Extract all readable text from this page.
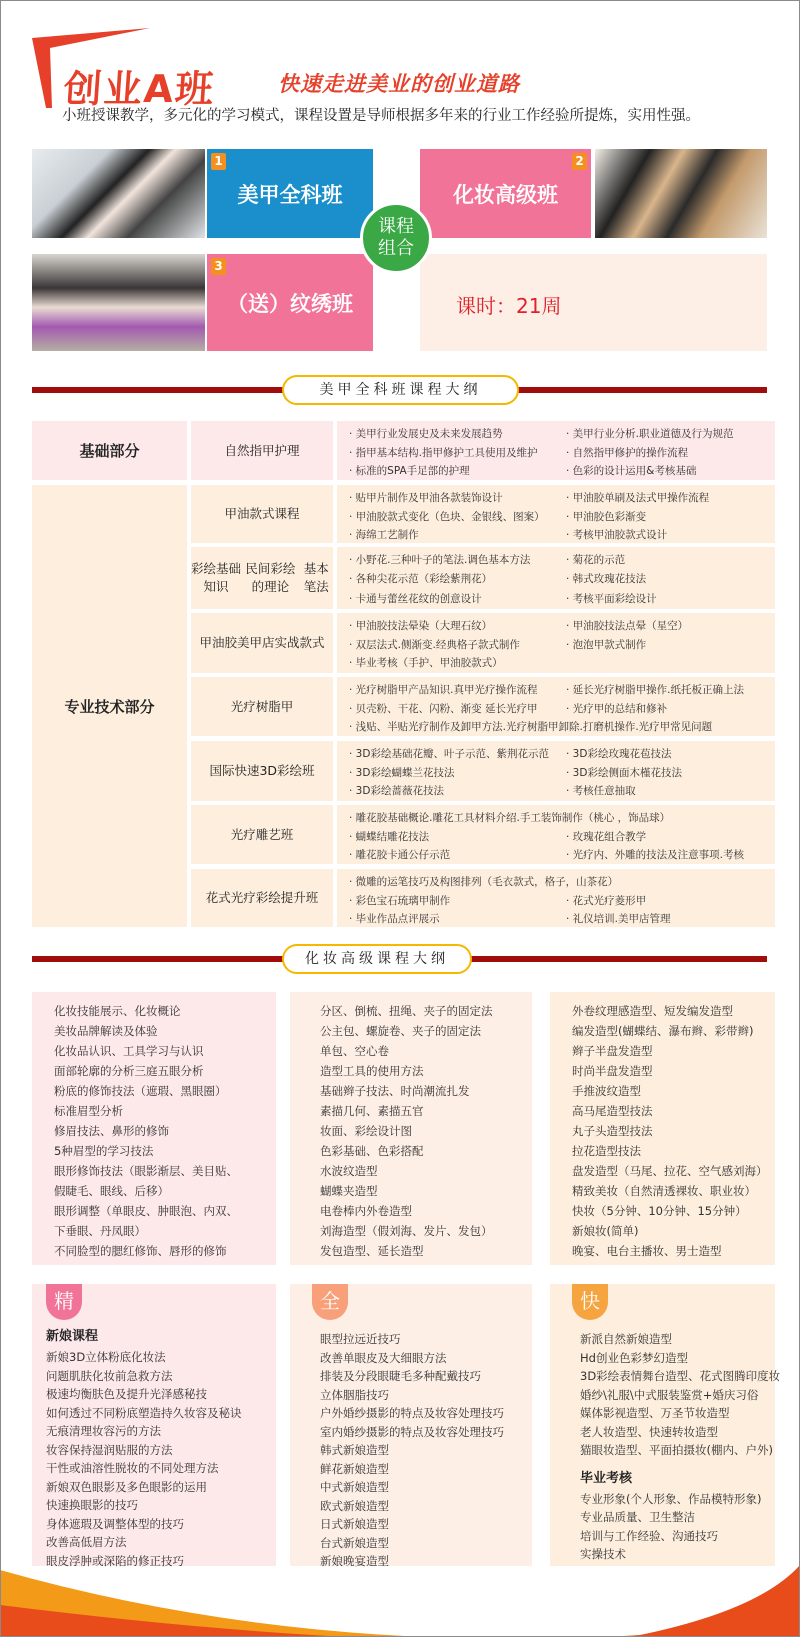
创业A班	快速走进美业的创业道路
小班授课教学，多元化的学习模式，课程设置是导师根据多年来的行业工作经验所提炼，实用性强。
1
美甲全科班
2
化妆高级班
3
（送）纹绣班	课时：21周
课程
组合
美甲全科班课程大纲
基础部分
专业技术部分
自然指甲护理
· 美甲行业发展史及未来发展趋势	· 美甲行业分析.职业道德及行为规范
· 指甲基本结构.指甲修护工具使用及维护	· 自然指甲修护的操作流程
· 标准的SPA手足部的护理	· 色彩的设计运用&考核基础
甲油款式课程
· 贴甲片制作及甲油各款装饰设计	· 甲油胶单刷及法式甲操作流程
· 甲油胶款式变化（色块、金银线、图案）	· 甲油胶色彩渐变
· 海绵工艺制作	· 考核甲油胶款式设计
彩绘基础知识

民间彩绘的理论

基本笔法
· 小野花.三种叶子的笔法.调色基本方法	· 菊花的示范
· 各种尖花示范（彩绘紫荆花）	· 韩式玫瑰花技法
· 卡通与蕾丝花纹的创意设计	· 考核平面彩绘设计
甲油胶美甲店 实战款式
· 甲油胶技法晕染（大理石纹）	· 甲油胶技法点晕（星空）
· 双层法式.侧渐变.经典格子款式制作	· 泡泡甲款式制作
· 毕业考核（手护、甲油胶款式）
光疗树脂甲
· 光疗树脂甲产品知识.真甲光疗操作流程	· 延长光疗树脂甲操作.纸托板正确上法
· 贝壳粉、干花、闪粉、渐变 延长光疗甲	· 光疗甲的总结和修补
· 浅贴、半贴光疗制作及卸甲方法.光疗树脂甲卸除.打磨机操作.光疗甲常见问题
国际快速3D彩绘班
· 3D彩绘基础花瓣、叶子示范、紫荆花示范	· 3D彩绘玫瑰花苞技法
· 3D彩绘蝴蝶兰花技法	· 3D彩绘侧面木槿花技法
· 3D彩绘蔷薇花技法	· 考核任意抽取
光疗雕艺班
· 雕花胶基础概论.雕花工具材料介绍.手工装饰制作（桃心 ，饰品球）
· 蝴蝶结雕花技法	· 玫瑰花组合教学
· 雕花胶卡通公仔示范	· 光疗内、外雕的技法及注意事项.考核
花式光疗彩绘提升班
· 微雕的运笔技巧及构图排列（毛衣款式，格子，山茶花）
· 彩色宝石琉璃甲制作	· 花式光疗菱形甲
· 毕业作品点评展示	· 礼仪培训.美甲店管理
化妆高级课程大纲
化妆技能展示、化妆概论
美妆品牌解读及体验
化妆品认识、工具学习与认识
面部轮廓的分析三庭五眼分析
粉底的修饰技法（遮瑕、黑眼圈）
标准眉型分析
修眉技法、鼻形的修饰
5种眉型的学习技法
眼形修饰技法（眼影渐层、美目贴、
假睫毛、眼线、后移）
眼形调整（单眼皮、肿眼泡、内双、
下垂眼、丹凤眼）
不同脸型的腮红修饰、唇形的修饰
分区、倒梳、扭绳、夹子的固定法
公主包、螺旋卷、夹子的固定法
单包、空心卷
造型工具的使用方法
基础辫子技法、时尚潮流扎发
素描几何、素描五官
妆面、彩绘设计图
色彩基础、色彩搭配
水波纹造型
蝴蝶夹造型
电卷棒内外卷造型
刘海造型（假刘海、发片、发包）
发包造型、延长造型
外卷纹理感造型、短发编发造型
编发造型(蝴蝶结、瀑布辫、彩带辫)
辫子半盘发造型
时尚半盘发造型
手推波纹造型
高马尾造型技法
丸子头造型技法
拉花造型技法
盘发造型（马尾、拉花、空气感刘海）
精致美妆（自然清透裸妆、职业妆）
快妆（5分钟、10分钟、15分钟）
新娘妆(简单)
晚宴、电台主播妆、男士造型
精
新娘课程
新娘3D立体粉底化妆法
问题肌肤化妆前急救方法
极速均衡肤色及提升光泽感秘技
如何透过不同粉底塑造持久妆容及秘诀
无痕清理妆容污的方法
妆容保持湿润贴服的方法
干性或油溶性脱妆的不同处理方法
新娘双色眼影及多色眼影的运用
快速换眼影的技巧
身体遮瑕及调整体型的技巧
改善高低眉方法
眼皮浮肿或深陷的修正技巧
全
眼型拉远近技巧
改善单眼皮及大细眼方法
排装及分段眼睫毛多种配戴技巧
立体胭脂技巧
户外婚纱摄影的特点及妆容处理技巧
室内婚纱摄影的特点及妆容处理技巧
韩式新娘造型
鲜花新娘造型
中式新娘造型
欧式新娘造型
日式新娘造型
台式新娘造型
新娘晚宴造型
快
新派自然新娘造型
Hd创业色彩梦幻造型
3D彩绘表情舞台造型、花式图腾印度妆
婚纱\礼服\中式服装鉴赏+婚庆习俗
媒体影视造型、万圣节妆造型
老人妆造型、快速转妆造型
猫眼妆造型、平面拍摄妆(棚内、户外)
毕业考核
专业形象(个人形象、作品模特形象)
专业品质量、卫生整洁
培训与工作经验、沟通技巧
实操技术
